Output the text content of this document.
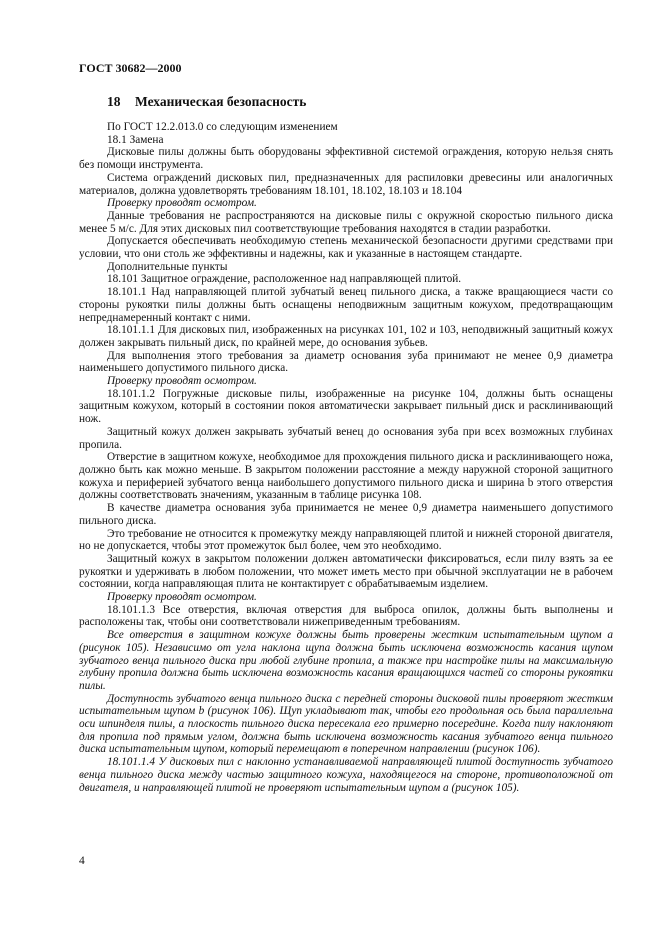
ГОСТ 30682—2000
18 Механическая безопасность

По ГОСТ 12.2.013.0 со следующим изменением

18.1 Замена

Дисковые пилы должны быть оборудованы эффективной системой ограждения, которую нельзя снять без помощи инструмента.

Система ограждений дисковых пил, предназначенных для распиловки древесины или аналогичных материалов, должна удовлетворять требованиям 18.101, 18.102, 18.103 и 18.104

Проверку проводят осмотром.

Данные требования не распространяются на дисковые пилы с окружной скоростью пильного диска менее 5 м/с. Для этих дисковых пил соответствующие требования находятся в стадии разработки.

Допускается обеспечивать необходимую степень механической безопасности другими средствами при условии, что они столь же эффективны и надежны, как и указанные в настоящем стандарте.

Дополнительные пункты

18.101 Защитное ограждение, расположенное над направляющей плитой.

18.101.1 Над направляющей плитой зубчатый венец пильного диска, а также вращающиеся части со стороны рукоятки пилы должны быть оснащены неподвижным защитным кожухом, предотвращающим непреднамеренный контакт с ними.

18.101.1.1 Для дисковых пил, изображенных на рисунках 101, 102 и 103, неподвижный защитный кожух должен закрывать пильный диск, по крайней мере, до основания зубьев.

Для выполнения этого требования за диаметр основания зуба принимают не менее 0,9 диаметра наименьшего допустимого пильного диска.

Проверку проводят осмотром.

18.101.1.2 Погружные дисковые пилы, изображенные на рисунке 104, должны быть оснащены защитным кожухом, который в состоянии покоя автоматически закрывает пильный диск и расклинивающий нож.

Защитный кожух должен закрывать зубчатый венец до основания зуба при всех возможных глубинах пропила.

Отверстие в защитном кожухе, необходимое для прохождения пильного диска и расклинивающего ножа, должно быть как можно меньше. В закрытом положении расстояние a между наружной стороной защитного кожуха и периферией зубчатого венца наибольшего допустимого пильного диска и ширина b этого отверстия должны соответствовать значениям, указанным в таблице рисунка 108.

В качестве диаметра основания зуба принимается не менее 0,9 диаметра наименьшего допустимого пильного диска.

Это требование не относится к промежутку между направляющей плитой и нижней стороной двигателя, но не допускается, чтобы этот промежуток был более, чем это необходимо.

Защитный кожух в закрытом положении должен автоматически фиксироваться, если пилу взять за ее рукоятки и удерживать в любом положении, что может иметь место при обычной эксплуатации не в рабочем состоянии, когда направляющая плита не контактирует с обрабатываемым изделием.

Проверку проводят осмотром.

18.101.1.3 Все отверстия, включая отверстия для выброса опилок, должны быть выполнены и расположены так, чтобы они соответствовали нижеприведенным требованиям.

Все отверстия в защитном кожухе должны быть проверены жестким испытательным щупом a (рисунок 105). Независимо от угла наклона щупа должна быть исключена возможность касания щупом зубчатого венца пильного диска при любой глубине пропила, а также при настройке пилы на максимальную глубину пропила должна быть исключена возможность касания вращающихся частей со стороны рукоятки пилы.

Доступность зубчатого венца пильного диска с передней стороны дисковой пилы проверяют жестким испытательным щупом b (рисунок 106). Щуп укладывают так, чтобы его продольная ось была параллельна оси шпинделя пилы, а плоскость пильного диска пересекала его примерно посередине. Когда пилу наклоняют для пропила под прямым углом, должна быть исключена возможность касания зубчатого венца пильного диска испытательным щупом, который перемещают в поперечном направлении (рисунок 106).

18.101.1.4 У дисковых пил с наклонно устанавливаемой направляющей плитой доступность зубчатого венца пильного диска между частью защитного кожуха, находящегося на стороне, противоположной от двигателя, и направляющей плитой не проверяют испытательным щупом a (рисунок 105).

4
